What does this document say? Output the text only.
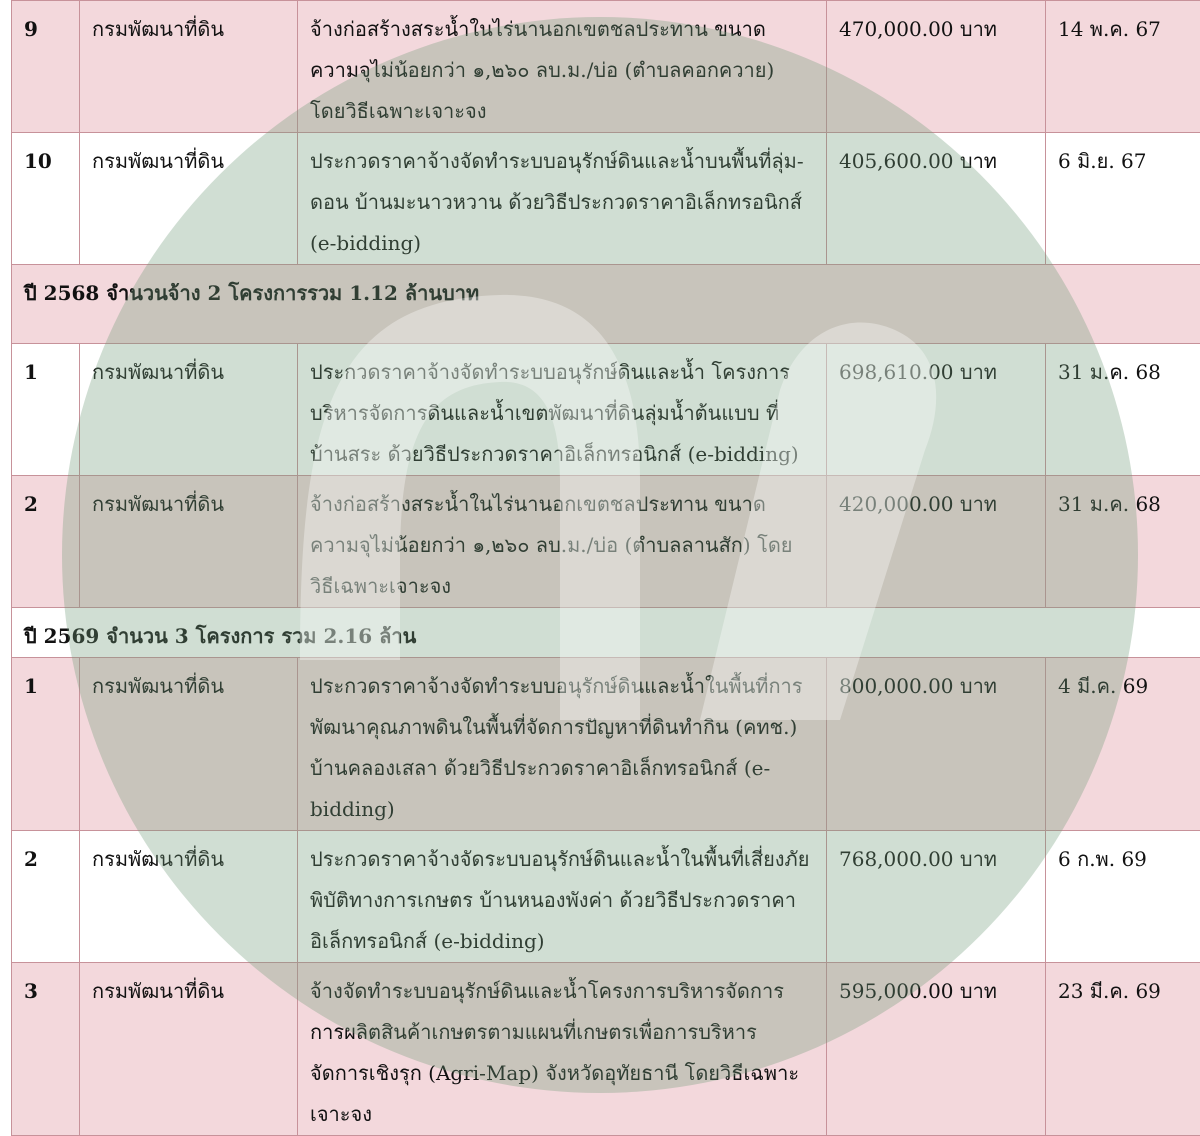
9	กรมพัฒนาที่ดิน	จ้างก่อสร้างสระน้ำในไร่นานอกเขตชลประทาน ขนาดความจุไม่น้อยกว่า ๑,๒๖๐ ลบ.ม./บ่อ (ตำบลคอกควาย) โดยวิธีเฉพาะเจาะจง	470,000.00 บาท	14 พ.ค. 67
10	กรมพัฒนาที่ดิน	ประกวดราคาจ้างจัดทำระบบอนุรักษ์ดินและน้ำบนพื้นที่ลุ่ม-ดอน บ้านมะนาวหวาน ด้วยวิธีประกวดราคาอิเล็กทรอนิกส์ (e-bidding)	405,600.00 บาท	6 มิ.ย. 67
ปี 2568 จำนวนจ้าง 2 โครงการรวม 1.12 ล้านบาท				
1	กรมพัฒนาที่ดิน	ประกวดราคาจ้างจัดทำระบบอนุรักษ์ดินและน้ำ โครงการบริหารจัดการดินและน้ำเขตพัฒนาที่ดินลุ่มน้ำต้นแบบ ที่บ้านสระ ด้วยวิธีประกวดราคาอิเล็กทรอนิกส์ (e-bidding)	698,610.00 บาท	31 ม.ค. 68
2	กรมพัฒนาที่ดิน	จ้างก่อสร้างสระน้ำในไร่นานอกเขตชลประทาน ขนาดความจุไม่น้อยกว่า ๑,๒๖๐ ลบ.ม./บ่อ (ตำบลลานสัก) โดยวิธีเฉพาะเจาะจง	420,000.00 บาท	31 ม.ค. 68
ปี 2569 จำนวน 3 โครงการ รวม 2.16 ล้าน				
1	กรมพัฒนาที่ดิน	ประกวดราคาจ้างจัดทำระบบอนุรักษ์ดินและน้ำในพื้นที่การพัฒนาคุณภาพดินในพื้นที่จัดการปัญหาที่ดินทำกิน (คทช.) บ้านคลองเสลา ด้วยวิธีประกวดราคาอิเล็กทรอนิกส์ (e-bidding)	800,000.00 บาท	4 มี.ค. 69
2	กรมพัฒนาที่ดิน	ประกวดราคาจ้างจัดระบบอนุรักษ์ดินและน้ำในพื้นที่เสี่ยงภัยพิบัติทางการเกษตร บ้านหนองพังค่า ด้วยวิธีประกวดราคาอิเล็กทรอนิกส์ (e-bidding)	768,000.00 บาท	6 ก.พ. 69
3	กรมพัฒนาที่ดิน	จ้างจัดทำระบบอนุรักษ์ดินและน้ำโครงการบริหารจัดการการผลิตสินค้าเกษตรตามแผนที่เกษตรเพื่อการบริหารจัดการเชิงรุก (Agri-Map) จังหวัดอุทัยธานี โดยวิธีเฉพาะเจาะจง	595,000.00 บาท	23 มี.ค. 69
